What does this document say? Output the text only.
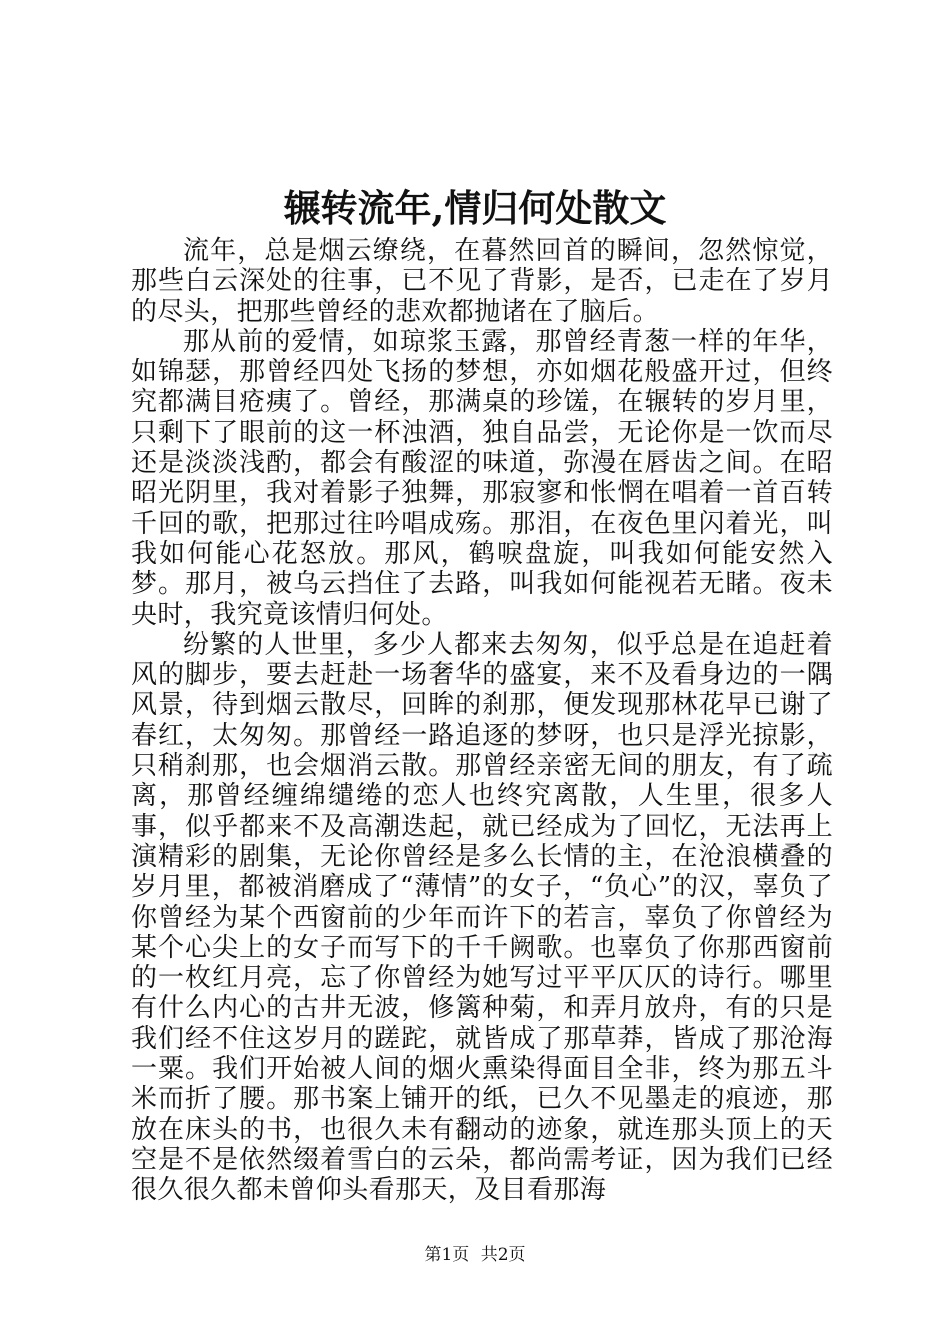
辗转流年,情归何处散文

流年，总是烟云缭绕，在暮然回首的瞬间，忽然惊觉，那些白云深处的往事，已不见了背影，是否，已走在了岁月的尽头，把那些曾经的悲欢都抛诸在了脑后。

那从前的爱情，如琼浆玉露，那曾经青葱一样的年华，如锦瑟，那曾经四处飞扬的梦想，亦如烟花般盛开过，但终究都满目疮痍了。曾经，那满桌的珍馐，在辗转的岁月里，只剩下了眼前的这一杯浊酒，独自品尝，无论你是一饮而尽还是淡淡浅酌，都会有酸涩的味道，弥漫在唇齿之间。在昭昭光阴里，我对着影子独舞，那寂寥和怅惘在唱着一首百转千回的歌，把那过往吟唱成殇。那泪，在夜色里闪着光，叫我如何能心花怒放。那风，鹤唳盘旋，叫我如何能安然入梦。那月，被乌云挡住了去路，叫我如何能视若无睹。夜未央时，我究竟该情归何处。

纷繁的人世里，多少人都来去匆匆，似乎总是在追赶着风的脚步，要去赶赴一场奢华的盛宴，来不及看身边的一隅风景，待到烟云散尽，回眸的刹那，便发现那林花早已谢了春红，太匆匆。那曾经一路追逐的梦呀，也只是浮光掠影，只稍刹那，也会烟消云散。那曾经亲密无间的朋友，有了疏离，那曾经缠绵缱绻的恋人也终究离散，人生里，很多人事，似乎都来不及高潮迭起，就已经成为了回忆，无法再上演精彩的剧集，无论你曾经是多么长情的主，在沧浪横叠的岁月里，都被消磨成了“薄情”的女子，“负心”的汉，辜负了你曾经为某个西窗前的少年而许下的若言，辜负了你曾经为某个心尖上的女子而写下的千千阙歌。也辜负了你那西窗前的一枚红月亮，忘了你曾经为她写过平平仄仄的诗行。哪里有什么内心的古井无波，修篱种菊，和弄月放舟，有的只是我们经不住这岁月的蹉跎，就皆成了那草莽，皆成了那沧海一粟。我们开始被人间的烟火熏染得面目全非，终为那五斗米而折了腰。那书案上铺开的纸，已久不见墨走的痕迹，那放在床头的书，也很久未有翻动的迹象，就连那头顶上的天空是不是依然缀着雪白的云朵，都尚需考证，因为我们已经很久很久都未曾仰头看那天，及目看那海

第1页 共2页
